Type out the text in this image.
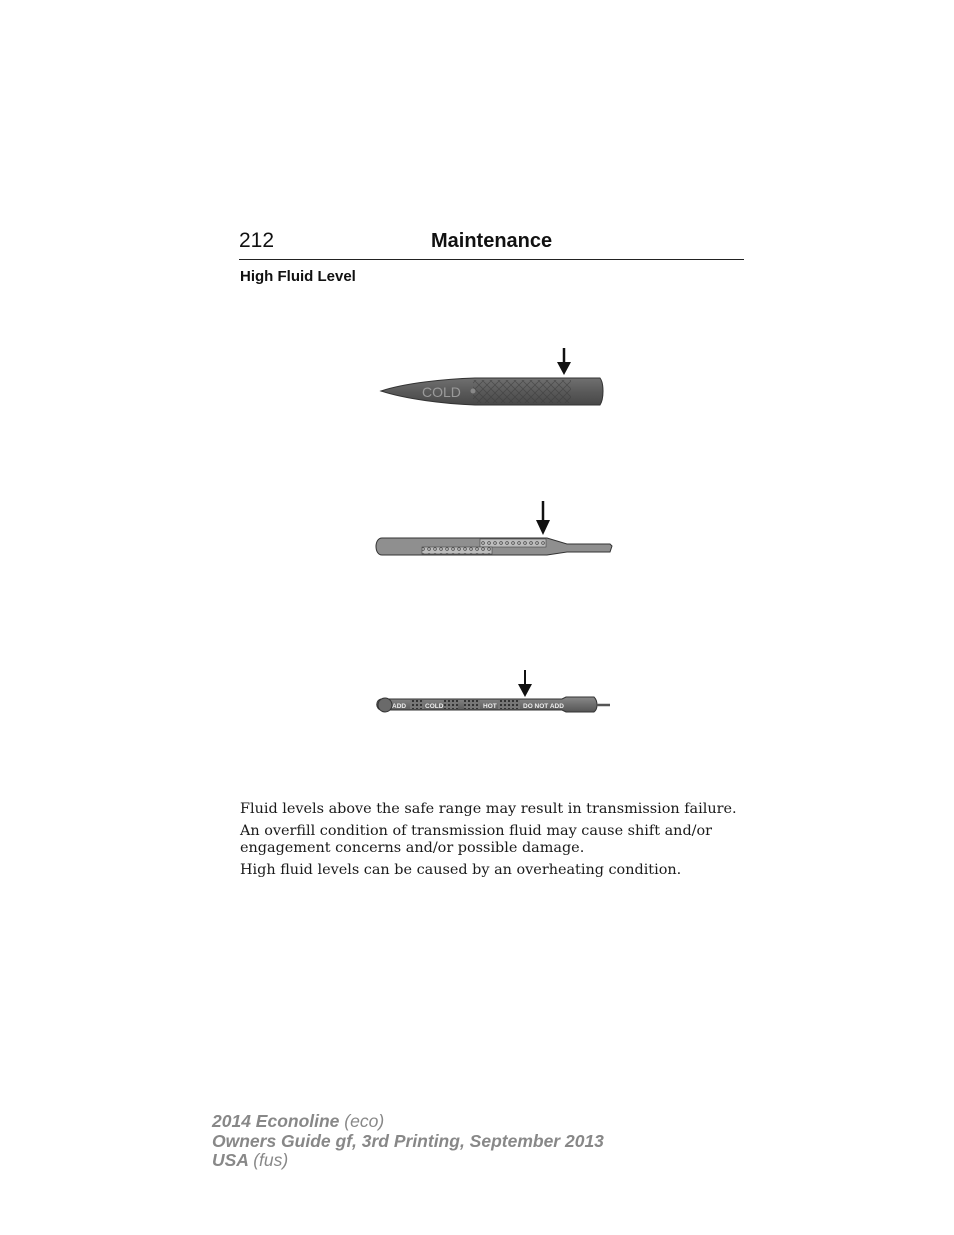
212	Maintenance
High Fluid Level
COLD
ADD	COLD	HOT	DO NOT ADD

Fluid levels above the safe range may result in transmission failure.

An overfill condition of transmission fluid may cause shift and/or engagement concerns and/or possible damage.

High fluid levels can be caused by an overheating condition.

2014 Econoline (eco)
Owners Guide gf, 3rd Printing, September 2013
USA (fus)
